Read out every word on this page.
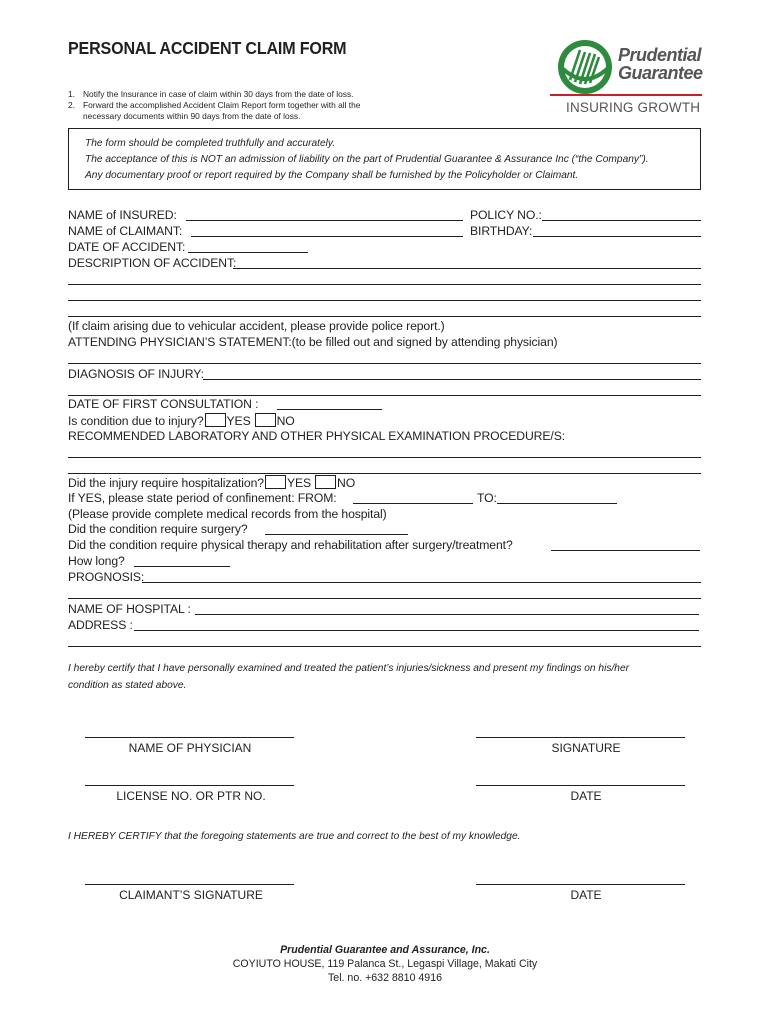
PERSONAL ACCIDENT CLAIM FORM
1. Notify the Insurance in case of claim within 30 days from the date of loss.
2. Forward the accomplished Accident Claim Report form together with all the
necessary documents within 90 days from the date of loss.
Prudential
Guarantee
INSURING GROWTH
The form should be completed truthfully and accurately.
The acceptance of this is NOT an admission of liability on the part of Prudential Guarantee & Assurance Inc (“the Company”).
Any documentary proof or report required by the Company shall be furnished by the Policyholder or Claimant.
NAME of INSURED:	POLICY NO.:
NAME of CLAIMANT:	BIRTHDAY:
DATE OF ACCIDENT:
DESCRIPTION OF ACCIDENT:
(If claim arising due to vehicular accident, please provide police report.)
ATTENDING PHYSICIAN’S STATEMENT:(to be filled out and signed by attending physician)
DIAGNOSIS OF INJURY:
DATE OF FIRST CONSULTATION :
Is condition due to injury? YES NO
RECOMMENDED LABORATORY AND OTHER PHYSICAL EXAMINATION PROCEDURE/S:
Did the injury require hospitalization? YES NO
If YES, please state period of confinement: FROM:	TO:
(Please provide complete medical records from the hospital)
Did the condition require surgery?
Did the condition require physical therapy and rehabilitation after surgery/treatment?
How long?
PROGNOSIS:
NAME OF HOSPITAL :
ADDRESS :
I hereby certify that I have personally examined and treated the patient’s injuries/sickness and present my findings on his/her
condition as stated above.
NAME OF PHYSICIAN	SIGNATURE
LICENSE NO. OR PTR NO.	DATE
I HEREBY CERTIFY that the foregoing statements are true and correct to the best of my knowledge.
CLAIMANT’S SIGNATURE	DATE
Prudential Guarantee and Assurance, Inc.
COYIUTO HOUSE, 119 Palanca St., Legaspi Village, Makati City
Tel. no. +632 8810 4916
